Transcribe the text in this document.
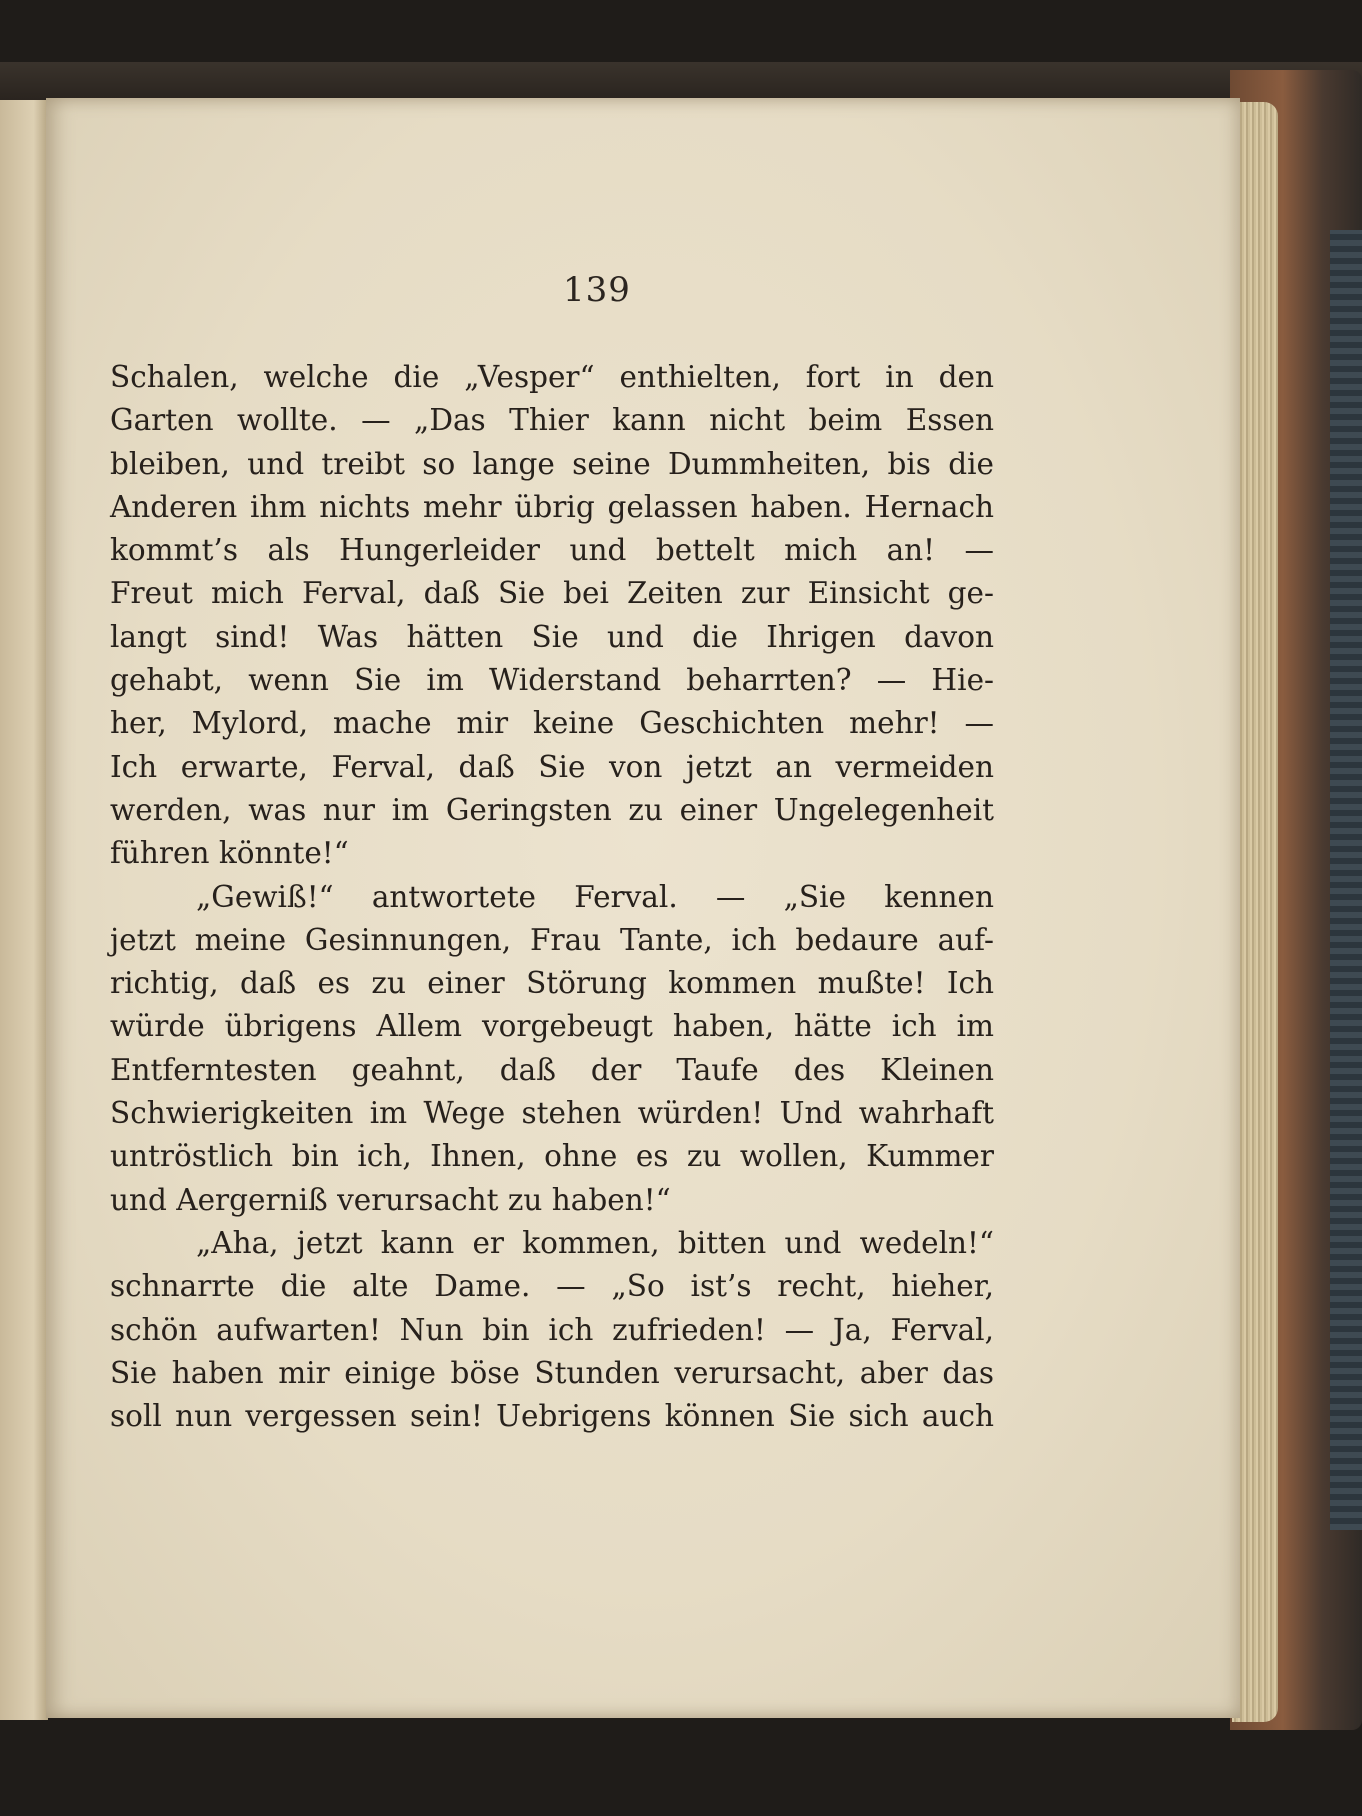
139
Schalen, welche die „Vesper“ enthielten, fort in den
Garten wollte. — „Das Thier kann nicht beim Essen
bleiben, und treibt so lange seine Dummheiten, bis die
Anderen ihm nichts mehr übrig gelassen haben. Hernach
kommt’s als Hungerleider und bettelt mich an! —
Freut mich Ferval, daß Sie bei Zeiten zur Einsicht ge-
langt sind! Was hätten Sie und die Ihrigen davon
gehabt, wenn Sie im Widerstand beharrten? — Hie-
her, Mylord, mache mir keine Geschichten mehr! —
Ich erwarte, Ferval, daß Sie von jetzt an vermeiden
werden, was nur im Geringsten zu einer Ungelegenheit
führen könnte!“
„Gewiß!“ antwortete Ferval. — „Sie kennen
jetzt meine Gesinnungen, Frau Tante, ich bedaure auf-
richtig, daß es zu einer Störung kommen mußte! Ich
würde übrigens Allem vorgebeugt haben, hätte ich im
Entferntesten geahnt, daß der Taufe des Kleinen
Schwierigkeiten im Wege stehen würden! Und wahrhaft
untröstlich bin ich, Ihnen, ohne es zu wollen, Kummer
und Aergerniß verursacht zu haben!“
„Aha, jetzt kann er kommen, bitten und wedeln!“
schnarrte die alte Dame. — „So ist’s recht, hieher,
schön aufwarten! Nun bin ich zufrieden! — Ja, Ferval,
Sie haben mir einige böse Stunden verursacht, aber das
soll nun vergessen sein! Uebrigens können Sie sich auch
